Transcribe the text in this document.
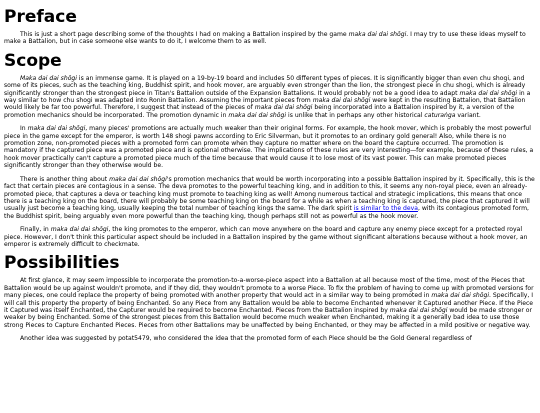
Preface

This is just a short page describing some of the thoughts I had on making a Battalion inspired by the game maka dai dai shōgi. I may try to use these ideas myself to make a Battalion, but in case someone else wants to do it, I welcome them to as well.

Scope

Maka dai dai shōgi is an immense game. It is played on a 19-by-19 board and includes 50 different types of pieces. It is significantly bigger than even chu shogi, and some of its pieces, such as the teaching king, Buddhist spirit, and hook mover, are arguably even stronger than the lion, the strongest piece in chu shogi, which is already significantly stronger than the strongest piece in Titan's Battalion outside of the Expansion Battalions. It would probably not be a good idea to adapt maka dai dai shōgi in a way similar to how chu shogi was adapted into Ronin Battalion. Assuming the important pieces from maka dai dai shōgi were kept in the resulting Battalion, that Battalion would likely be far too powerful. Therefore, I suggest that instead of the pieces of maka dai dai shōgi being incorporated into a Battalion inspired by it, a version of the promotion mechanics should be incorporated. The promotion dynamic in maka dai dai shōgi is unlike that in perhaps any other historical caturaṅga variant.

In maka dai dai shōgi, many pieces' promotions are actually much weaker than their original forms. For example, the hook mover, which is probably the most powerful piece in the game except for the emperor, is worth 148 shogi pawns according to Eric Silverman, but it promotes to an ordinary gold general! Also, while there is no promotion zone, non-promoted pieces with a promoted form can promote when they capture no matter where on the board the capture occurred. The promotion is mandatory if the captured piece was a promoted piece and is optional otherwise. The implications of these rules are very interesting—for example, because of these rules, a hook mover practically can't capture a promoted piece much of the time because that would cause it to lose most of its vast power. This can make promoted pieces significantly stronger than they otherwise would be.

There is another thing about maka dai dai shōgi's promotion mechanics that would be worth incorporating into a possible Battalion inspired by it. Specifically, this is the fact that certain pieces are contagious in a sense. The deva promotes to the powerful teaching king, and in addition to this, it seems any non-royal piece, even an already-promoted piece, that captures a deva or teaching king must promote to teaching king as well! Among numerous tactical and strategic implications, this means that once there is a teaching king on the board, there will probably be some teaching king on the board for a while as when a teaching king is captured, the piece that captured it will usually just become a teaching king, usually keeping the total number of teaching kings the same. The dark spirit is similar to the deva, with its contagious promoted form, the Buddhist spirit, being arguably even more powerful than the teaching king, though perhaps still not as powerful as the hook mover.

Finally, in maka dai dai shōgi, the king promotes to the emperor, which can move anywhere on the board and capture any enemy piece except for a protected royal piece. However, I don't think this particular aspect should be included in a Battalion inspired by the game without significant alterations because without a hook mover, an emperor is extremely difficult to checkmate.

Possibilities

At first glance, it may seem impossible to incorporate the promotion-to-a-worse-piece aspect into a Battalion at all because most of the time, most of the Pieces that Battalion would be up against wouldn't promote, and if they did, they wouldn't promote to a worse Piece. To fix the problem of having to come up with promoted versions for many pieces, one could replace the property of being promoted with another property that would act in a similar way to being promoted in maka dai dai shōgi. Specifically, I will call this property the property of being Enchanted. So any Piece from any Battalion would be able to become Enchanted whenever it Captured another Piece. If the Piece it Captured was itself Enchanted, the Capturer would be required to become Enchanted. Pieces from the Battalion inspired by maka dai dai shōgi would be made stronger or weaker by being Enchanted. Some of the strongest pieces from this Battalion would become much weaker when Enchanted, making it a generally bad idea to use those strong Pieces to Capture Enchanted Pieces. Pieces from other Battalions may be unaffected by being Enchanted, or they may be affected in a mild positive or negative way.

Another idea was suggested by potat5479, who considered the idea that the promoted form of each Piece should be the Gold General regardless of
